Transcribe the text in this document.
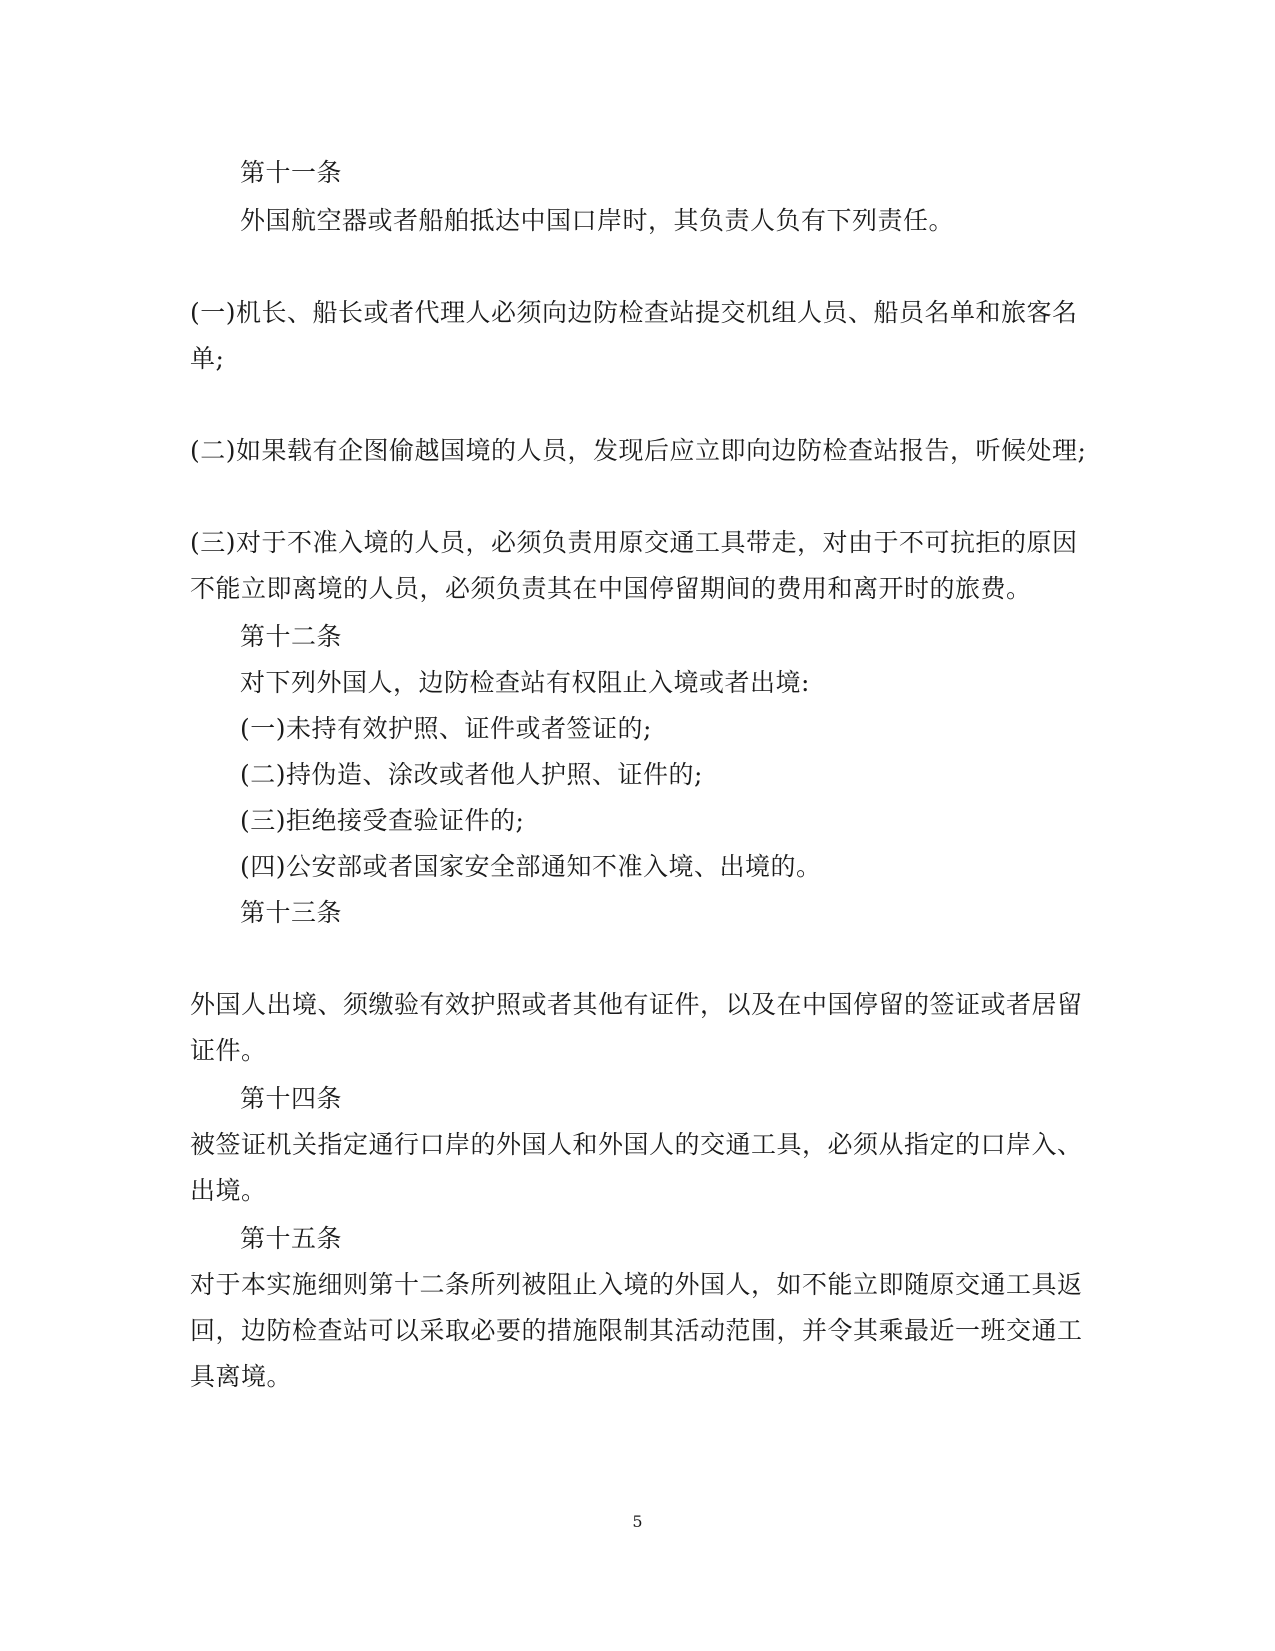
第十一条
外国航空器或者船舶抵达中国口岸时，其负责人负有下列责任。
(一)机长、船长或者代理人必须向边防检查站提交机组人员、船员名单和旅客名
单;
(二)如果载有企图偷越国境的人员，发现后应立即向边防检查站报告，听候处理;
(三)对于不准入境的人员，必须负责用原交通工具带走，对由于不可抗拒的原因
不能立即离境的人员，必须负责其在中国停留期间的费用和离开时的旅费。
第十二条
对下列外国人，边防检查站有权阻止入境或者出境:
(一)未持有效护照、证件或者签证的;
(二)持伪造、涂改或者他人护照、证件的;
(三)拒绝接受查验证件的;
(四)公安部或者国家安全部通知不准入境、出境的。
第十三条
外国人出境、须缴验有效护照或者其他有证件，以及在中国停留的签证或者居留
证件。
第十四条
被签证机关指定通行口岸的外国人和外国人的交通工具，必须从指定的口岸入、
出境。
第十五条
对于本实施细则第十二条所列被阻止入境的外国人，如不能立即随原交通工具返
回，边防检查站可以采取必要的措施限制其活动范围，并令其乘最近一班交通工
具离境。
5
